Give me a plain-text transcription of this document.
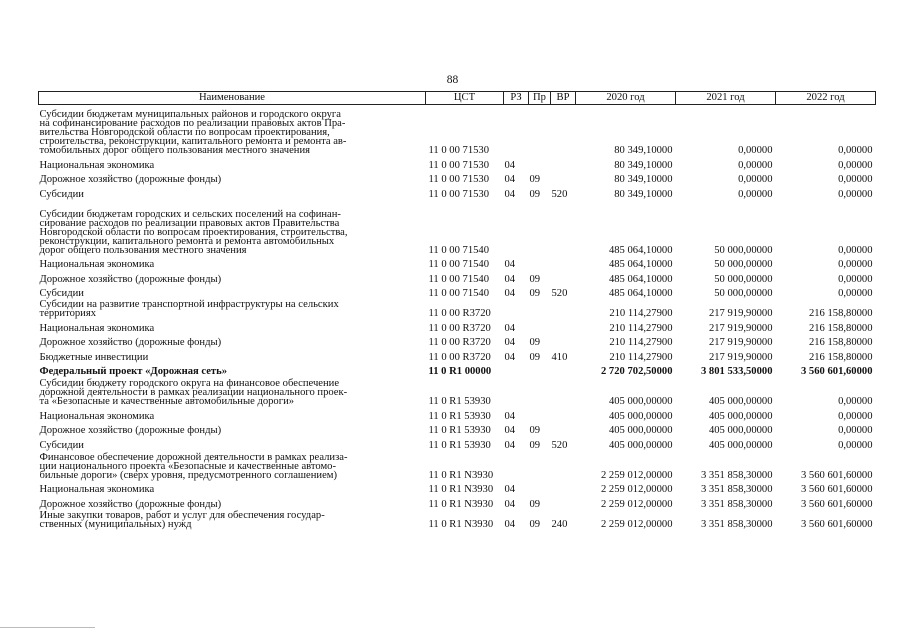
88
Наименование	ЦСТ	РЗ	Пр	ВР	2020 год	2021 год	2022 год
Субсидии бюджетам муниципальных районов и городского округа
на софинансирование расходов по реализации правовых актов Пра-
вительства Новгородской области по вопросам проектирования,
строительства, реконструкции, капитального ремонта и ремонта ав-
томобильных дорог общего пользования местного значения	11 0 00 71530				80 349,10000	0,00000	0,00000
Национальная экономика	11 0 00 71530	04			80 349,10000	0,00000	0,00000
Дорожное хозяйство (дорожные фонды)	11 0 00 71530	04	09		80 349,10000	0,00000	0,00000
Субсидии	11 0 00 71530	04	09	520	80 349,10000	0,00000	0,00000
Субсидии бюджетам городских и сельских поселений на софинан-
сирование расходов по реализации правовых актов Правительства
Новгородской области по вопросам проектирования, строительства,
реконструкции, капитального ремонта и ремонта автомобильных
дорог общего пользования местного значения	11 0 00 71540				485 064,10000	50 000,00000	0,00000
Национальная экономика	11 0 00 71540	04			485 064,10000	50 000,00000	0,00000
Дорожное хозяйство (дорожные фонды)	11 0 00 71540	04	09		485 064,10000	50 000,00000	0,00000
Субсидии	11 0 00 71540	04	09	520	485 064,10000	50 000,00000	0,00000
Субсидии на развитие транспортной инфраструктуры на сельских
территориях	11 0 00 R3720				210 114,27900	217 919,90000	216 158,80000
Национальная экономика	11 0 00 R3720	04			210 114,27900	217 919,90000	216 158,80000
Дорожное хозяйство (дорожные фонды)	11 0 00 R3720	04	09		210 114,27900	217 919,90000	216 158,80000
Бюджетные инвестиции	11 0 00 R3720	04	09	410	210 114,27900	217 919,90000	216 158,80000
Федеральный проект «Дорожная сеть»	11 0 R1 00000				2 720 702,50000	3 801 533,50000	3 560 601,60000
Субсидии бюджету городского округа на финансовое обеспечение
дорожной деятельности в рамках реализации национального проек-
та «Безопасные и качественные автомобильные дороги»	11 0 R1 53930				405 000,00000	405 000,00000	0,00000
Национальная экономика	11 0 R1 53930	04			405 000,00000	405 000,00000	0,00000
Дорожное хозяйство (дорожные фонды)	11 0 R1 53930	04	09		405 000,00000	405 000,00000	0,00000
Субсидии	11 0 R1 53930	04	09	520	405 000,00000	405 000,00000	0,00000
Финансовое обеспечение дорожной деятельности в рамках реализа-
ции национального проекта «Безопасные и качественные автомо-
бильные дороги» (сверх уровня, предусмотренного соглашением)	11 0 R1 N3930				2 259 012,00000	3 351 858,30000	3 560 601,60000
Национальная экономика	11 0 R1 N3930	04			2 259 012,00000	3 351 858,30000	3 560 601,60000
Дорожное хозяйство (дорожные фонды)	11 0 R1 N3930	04	09		2 259 012,00000	3 351 858,30000	3 560 601,60000
Иные закупки товаров, работ и услуг для обеспечения государ-
ственных (муниципальных) нужд	11 0 R1 N3930	04	09	240	2 259 012,00000	3 351 858,30000	3 560 601,60000
